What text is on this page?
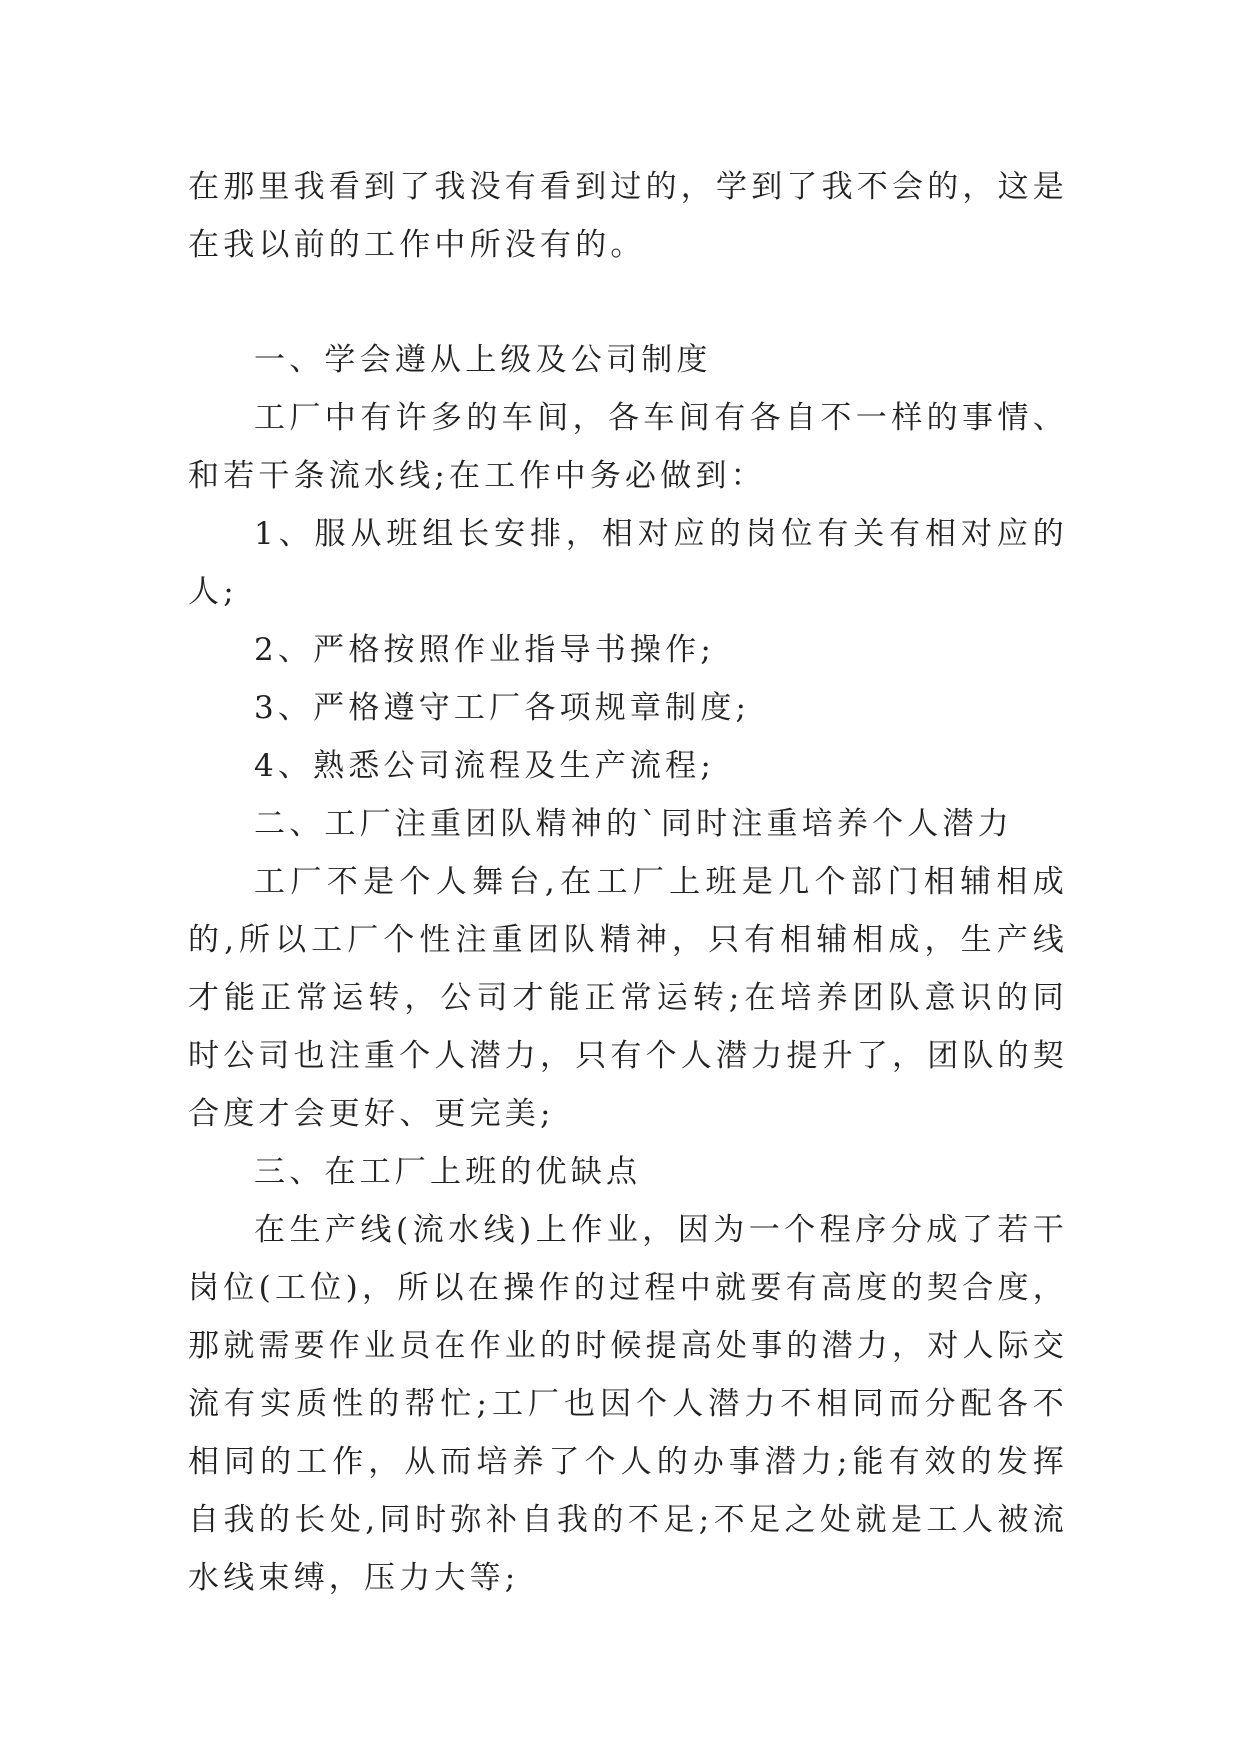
在那里我看到了我没有看到过的，学到了我不会的，这是在我以前的工作中所没有的。

一、学会遵从上级及公司制度

工厂中有许多的车间，各车间有各自不一样的事情、和若干条流水线;在工作中务必做到：

1、服从班组长安排，相对应的岗位有关有相对应的人;

2、严格按照作业指导书操作;

3、严格遵守工厂各项规章制度;

4、熟悉公司流程及生产流程;

二、工厂注重团队精神的`同时注重培养个人潜力

工厂不是个人舞台,在工厂上班是几个部门相辅相成的,所以工厂个性注重团队精神，只有相辅相成，生产线才能正常运转，公司才能正常运转;在培养团队意识的同时公司也注重个人潜力，只有个人潜力提升了，团队的契合度才会更好、更完美;

三、在工厂上班的优缺点

在生产线(流水线)上作业，因为一个程序分成了若干岗位(工位)，所以在操作的过程中就要有高度的契合度，那就需要作业员在作业的时候提高处事的潜力，对人际交流有实质性的帮忙;工厂也因个人潜力不相同而分配各不相同的工作，从而培养了个人的办事潜力;能有效的发挥自我的长处,同时弥补自我的不足;不足之处就是工人被流水线束缚，压力大等;
